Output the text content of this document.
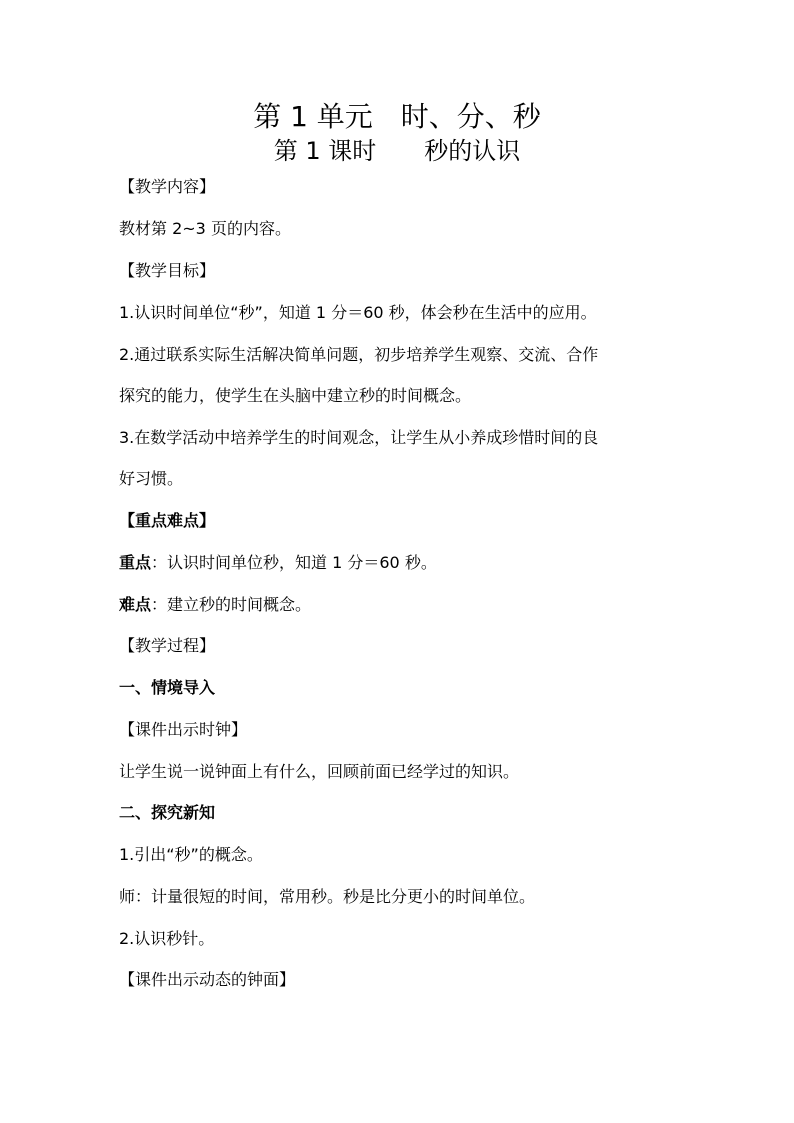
第 1 单元　时、分、秒
第 1 课时　　秒的认识
【教学内容】
教材第 2~3 页的内容。
【教学目标】
1.认识时间单位“秒”，知道 1 分＝60 秒，体会秒在生活中的应用。
2.通过联系实际生活解决简单问题，初步培养学生观察、交流、合作
探究的能力，使学生在头脑中建立秒的时间概念。
3.在数学活动中培养学生的时间观念，让学生从小养成珍惜时间的良
好习惯。
【重点难点】
重点：认识时间单位秒，知道 1 分＝60 秒。
难点：建立秒的时间概念。
【教学过程】
一、情境导入
【课件出示时钟】
让学生说一说钟面上有什么，回顾前面已经学过的知识。
二、探究新知
1.引出“秒”的概念。
师：计量很短的时间，常用秒。秒是比分更小的时间单位。
2.认识秒针。
【课件出示动态的钟面】
